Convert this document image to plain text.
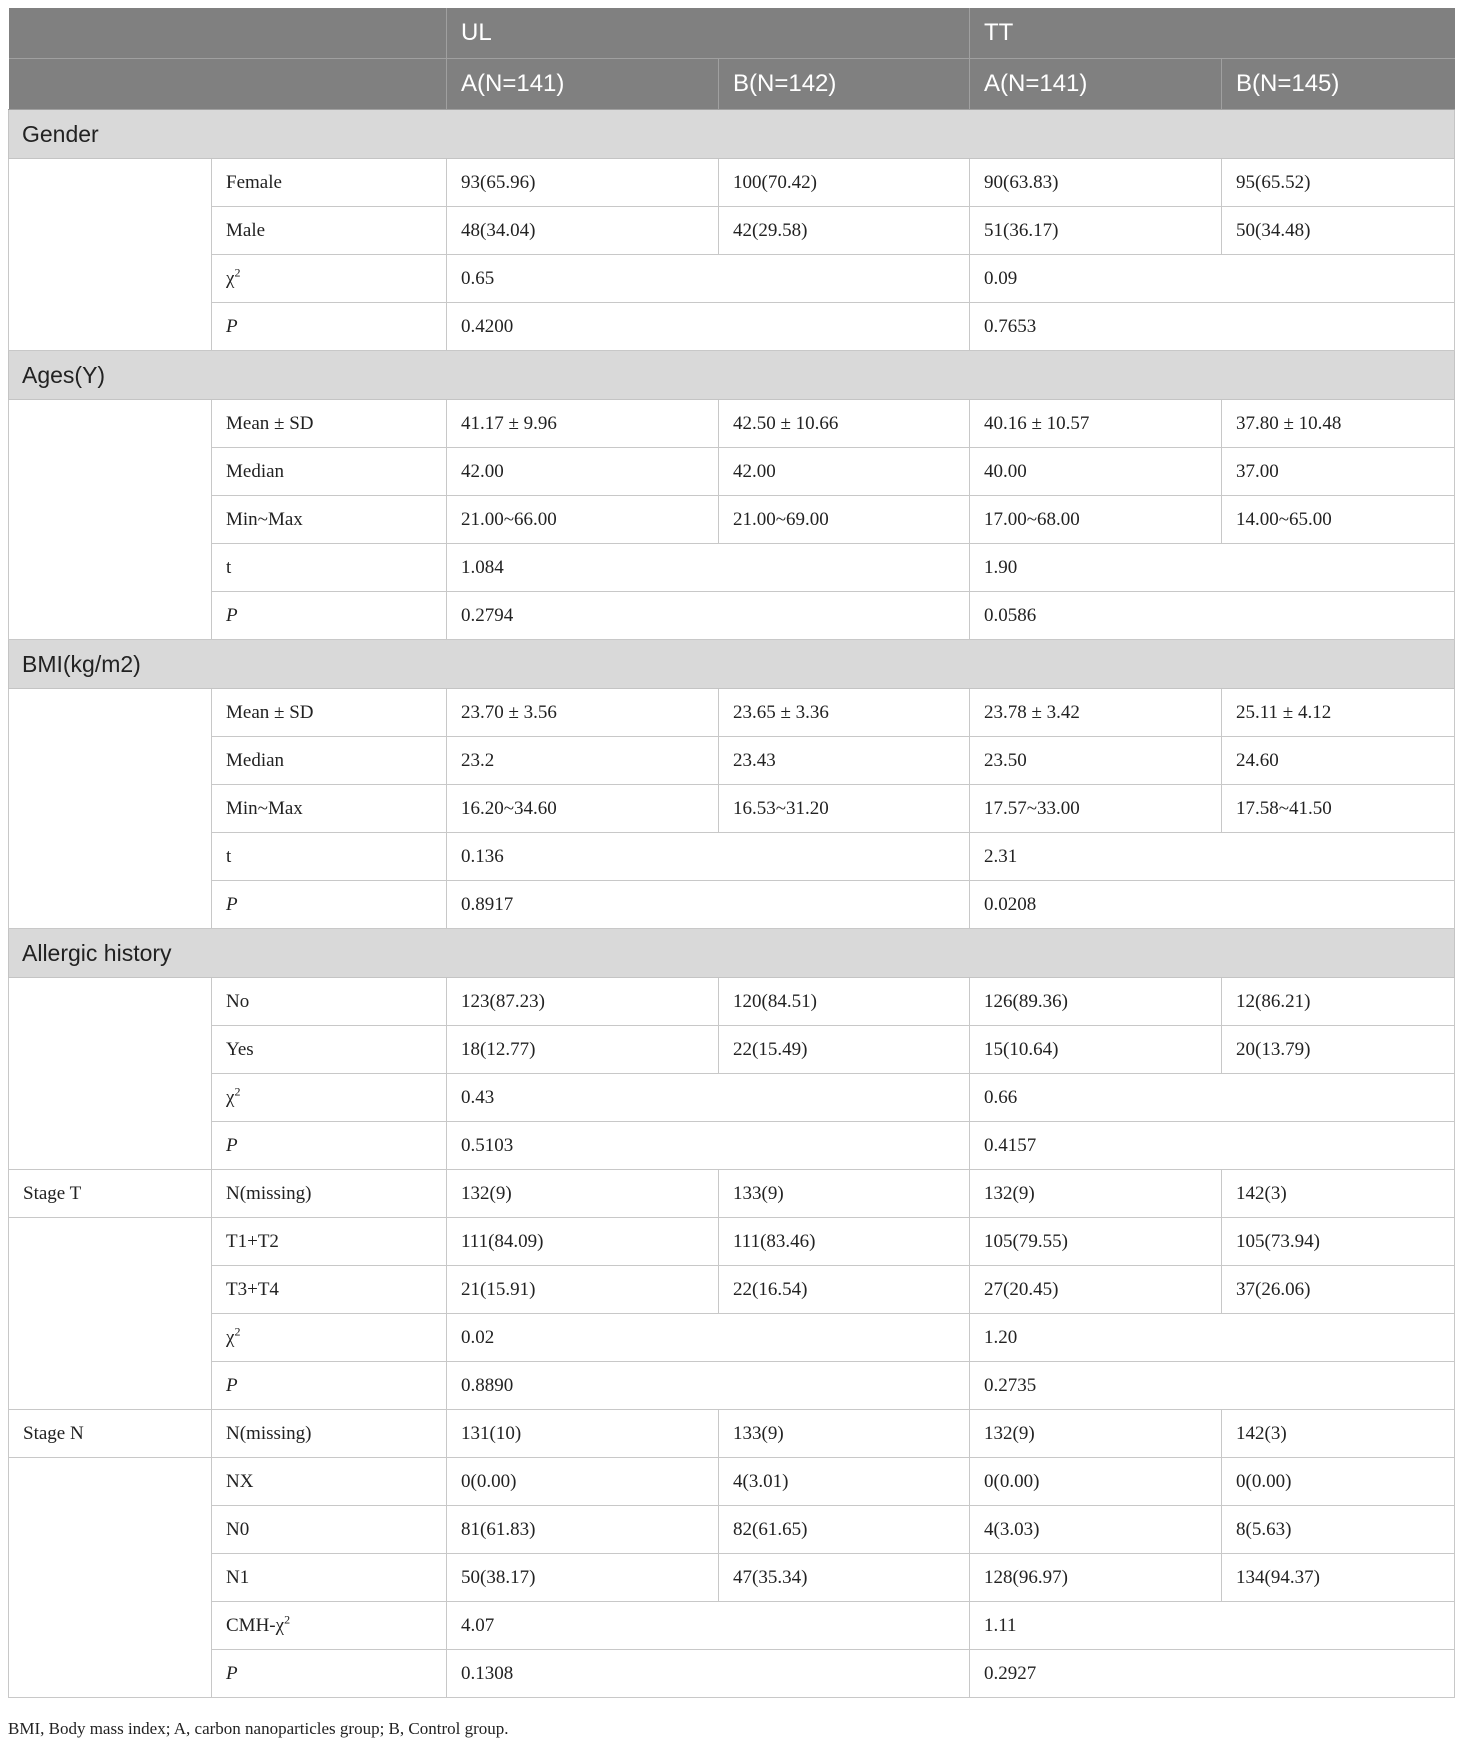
		UL		TT	
		A(N=141)	B(N=142)	A(N=141)	B(N=145)
Gender					
	Female	93(65.96)	100(70.42)	90(63.83)	95(65.52)
	Male	48(34.04)	42(29.58)	51(36.17)	50(34.48)
	$\chi^2$	0.65		0.09	
	P	0.4200		0.7653	
Ages(Y)					
	Mean ± SD	41.17 ± 9.96	42.50 ± 10.66	40.16 ± 10.57	37.80 ± 10.48
	Median	42.00	42.00	40.00	37.00
	Min~Max	21.00~66.00	21.00~69.00	17.00~68.00	14.00~65.00
	t	1.084		1.90	
	P	0.2794		0.0586	
BMI(kg/m2)					
	Mean ± SD	23.70 ± 3.56	23.65 ± 3.36	23.78 ± 3.42	25.11 ± 4.12
	Median	23.2	23.43	23.50	24.60
	Min~Max	16.20~34.60	16.53~31.20	17.57~33.00	17.58~41.50
	t	0.136		2.31	
	P	0.8917		0.0208	
Allergic history					
	No	123(87.23)	120(84.51)	126(89.36)	12(86.21)
	Yes	18(12.77)	22(15.49)	15(10.64)	20(13.79)
	$\chi^2$	0.43		0.66	
	P	0.5103		0.4157	
Stage T	N(missing)	132(9)	133(9)	132(9)	142(3)
	T1+T2	111(84.09)	111(83.46)	105(79.55)	105(73.94)
	T3+T4	21(15.91)	22(16.54)	27(20.45)	37(26.06)
	$\chi^2$	0.02		1.20	
	P	0.8890		0.2735	
Stage N	N(missing)	131(10)	133(9)	132(9)	142(3)
	NX	0(0.00)	4(3.01)	0(0.00)	0(0.00)
	N0	81(61.83)	82(61.65)	4(3.03)	8(5.63)
	N1	50(38.17)	47(35.34)	128(96.97)	134(94.37)
	CMH-$\chi^2$	4.07		1.11	
	P	0.1308		0.2927	
BMI, Body mass index; A, carbon nanoparticles group; B, Control group.
